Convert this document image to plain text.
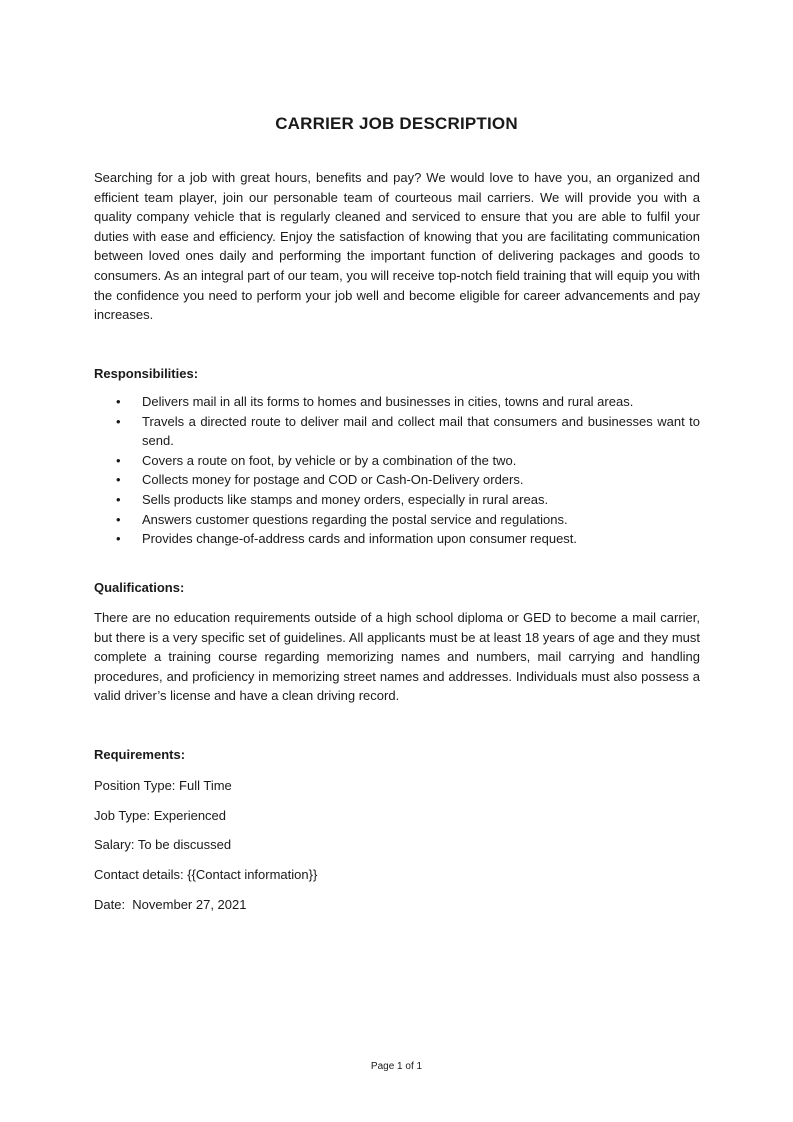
CARRIER JOB DESCRIPTION

Searching for a job with great hours, benefits and pay? We would love to have you, an organized and efficient team player, join our personable team of courteous mail carriers. We will provide you with a quality company vehicle that is regularly cleaned and serviced to ensure that you are able to fulfil your duties with ease and efficiency. Enjoy the satisfaction of knowing that you are facilitating communication between loved ones daily and performing the important function of delivering packages and goods to consumers. As an integral part of our team, you will receive top-notch field training that will equip you with the confidence you need to perform your job well and become eligible for career advancements and pay increases.

Responsibilities:

• Delivers mail in all its forms to homes and businesses in cities, towns and rural areas.
• Travels a directed route to deliver mail and collect mail that consumers and businesses want to send.
• Covers a route on foot, by vehicle or by a combination of the two.
• Collects money for postage and COD or Cash-On-Delivery orders.
• Sells products like stamps and money orders, especially in rural areas.
• Answers customer questions regarding the postal service and regulations.
• Provides change-of-address cards and information upon consumer request.

Qualifications:

There are no education requirements outside of a high school diploma or GED to become a mail carrier, but there is a very specific set of guidelines. All applicants must be at least 18 years of age and they must complete a training course regarding memorizing names and numbers, mail carrying and handling procedures, and proficiency in memorizing street names and addresses. Individuals must also possess a valid driver’s license and have a clean driving record.

Requirements:

Position Type: Full Time
Job Type: Experienced
Salary: To be discussed
Contact details: {{Contact information}}
Date:  November 27, 2021
Page 1 of 1
